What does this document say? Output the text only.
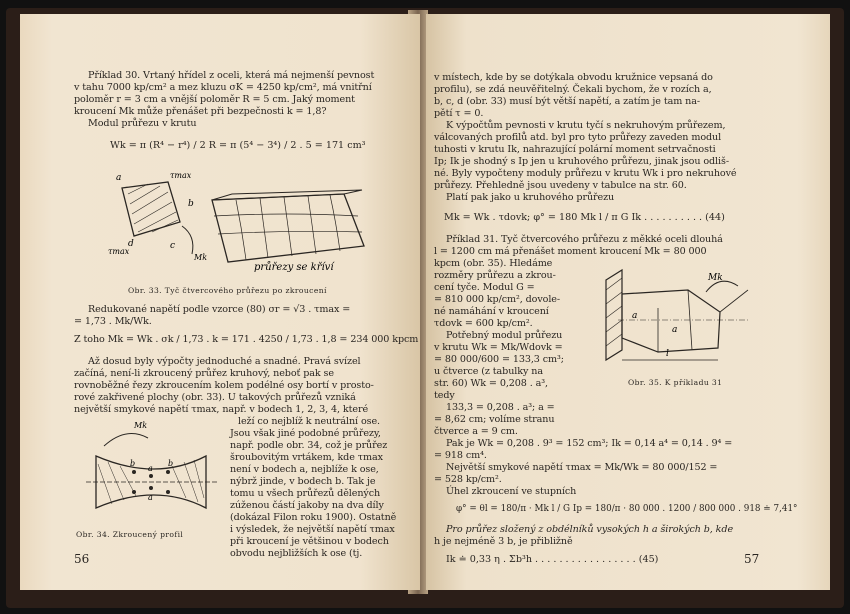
Příklad 30. Vrtaný hřídel z oceli, která má nejmenší pevnost
v tahu 7000 kp/cm² a mez kluzu σK = 4250 kp/cm², má vnitřní
poloměr r = 3 cm a vnější poloměr R = 5 cm. Jaký moment
kroucení Mk může přenášet při bezpečnosti k = 1,8?
Modul průřezu v krutu
Wk = π (R⁴ − r⁴) / 2 R = π (5⁴ − 3⁴) / 2 . 5 = 171 cm³
a	τmax
b
d	c
τmax
Mk
průřezy se kříví
Obr. 33. Tyč čtvercového průřezu po zkroucení
Redukované napětí podle vzorce (80) σr = √3 . τmax =
= 1,73 . Mk/Wk.
Z toho Mk = Wk . σk / 1,73 . k = 171 . 4250 / 1,73 . 1,8 = 234 000 kpcm
Až dosud byly výpočty jednoduché a snadné. Pravá svízel
začíná, není-li zkroucený průřez kruhový, neboť pak se
rovnoběžné řezy zkroucením kolem podélné osy bortí v prosto-
rové zakřivené plochy (obr. 33). U takových průřezů vzniká
největší smykové napětí τmax, např. v bodech 1, 2, 3, 4, které
leží co nejblíž k neutrální ose.
Jsou však jiné podobné průřezy,
např. podle obr. 34, což je průřez
šroubovitým vrtákem, kde τmax
není v bodech a, nejblíže k ose,
nýbrž jinde, v bodech b. Tak je
tomu u všech průřezů dělených
zúženou částí jakoby na dva díly
(dokázal Filon roku 1900). Ostatně
i výsledek, že největší napětí τmax
při kroucení je většinou v bodech
obvodu nejbližších k ose (tj.
b	b
a
a
Mk
Obr. 34. Zkroucený profil
56
v místech, kde by se dotýkala obvodu kružnice vepsaná do
profilu), se zdá neuvěřitelný. Čekali bychom, že v rozích a,
b, c, d (obr. 33) musí být větší napětí, a zatím je tam na-
pětí τ = 0.
K výpočtům pevnosti v krutu tyčí s nekruhovým průřezem,
válcovaných profilů atd. byl pro tyto průřezy zaveden modul
tuhosti v krutu Ik, nahrazující polární moment setrvačnosti
Ip; Ik je shodný s Ip jen u kruhového průřezu, jinak jsou odliš-
né. Byly vypočteny moduly průřezu v krutu Wk i pro nekruhové
průřezy. Přehledně jsou uvedeny v tabulce na str. 60.
Platí pak jako u kruhového průřezu
Mk = Wk . τdovk; φ° = 180 Mk l / π G Ik . . . . . . . . . . (44)
Příklad 31. Tyč čtvercového průřezu z měkké oceli dlouhá
l = 1200 cm má přenášet moment kroucení Mk = 80 000
kpcm (obr. 35). Hledáme
rozměry průřezu a zkrou-
cení tyče. Modul G =
= 810 000 kp/cm², dovole-
né namáhání v kroucení
τdovk = 600 kp/cm².
Potřebný modul průřezu
v krutu Wk = Mk/Wdovk =
= 80 000/600 = 133,3 cm³;
u čtverce (z tabulky na
str. 60) Wk = 0,208 . a³,
tedy
133,3 = 0,208 . a³; a =
= 8,62 cm; volíme stranu
čtverce a = 9 cm.
Pak je Wk = 0,208 . 9³ = 152 cm³; Ik = 0,14 a⁴ = 0,14 . 9⁴ =
= 918 cm⁴.
Největší smykové napětí τmax = Mk/Wk = 80 000/152 =
= 528 kp/cm².
Úhel zkroucení ve stupních
φ° = θl = 180/π · Mk l / G Ip = 180/π · 80 000 . 1200 / 800 000 . 918 ≐ 7,41°
Pro průřez složený z obdélníků vysokých h a širokých b, kde
h je nejméně 3 b, je přibližně
Ik ≐ 0,33 η . Σb³h . . . . . . . . . . . . . . . . . (45)
Mk
a
a
l
Obr. 35. K příkladu 31
57
